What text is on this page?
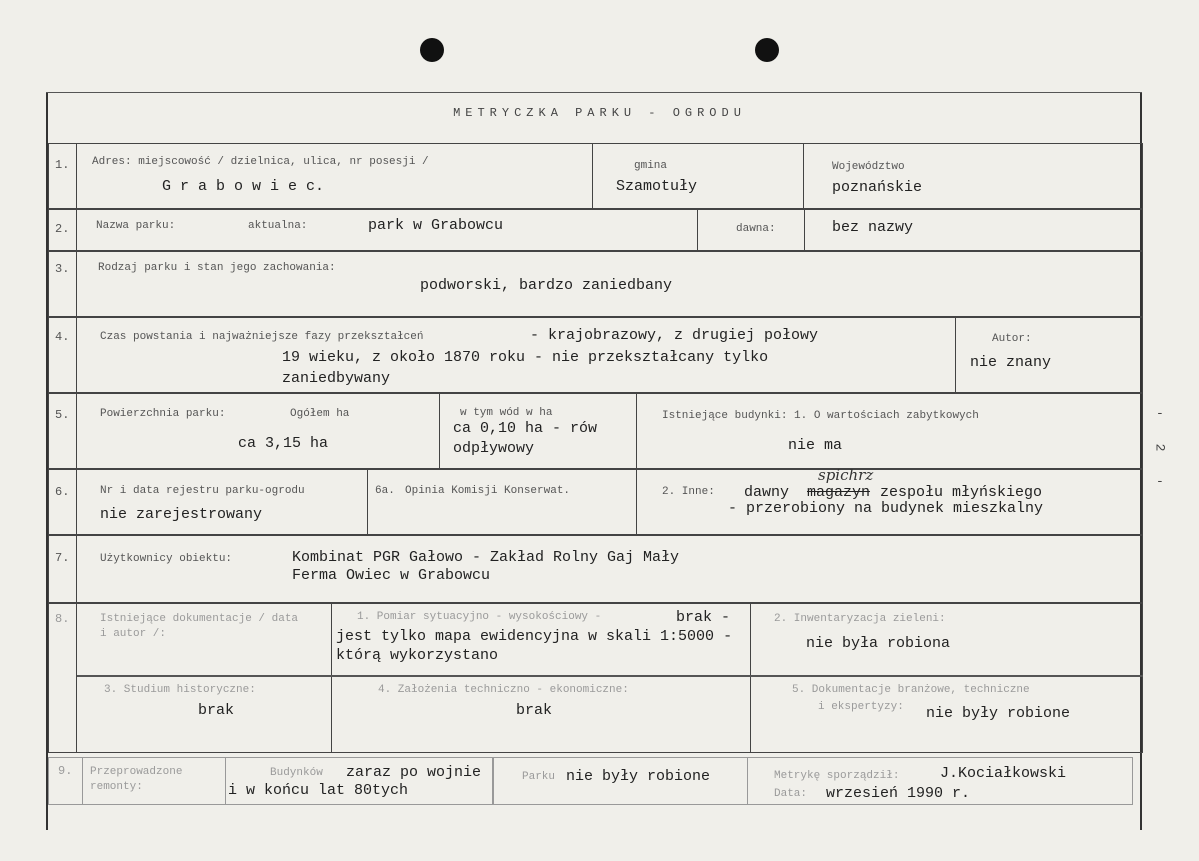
METRYCZKA PARKU - OGRODU
1. Adres: miejscowość / dzielnica, ulica, nr posesji /
G r a b o w i e c.
gmina
Szamotuły
Województwo
poznańskie
2. Nazwa parku:	aktualna:	park w Grabowcu	dawna:	bez nazwy
3.	Rodzaj parku i stan jego zachowania:
podworski, bardzo zaniedbany
4.	Czas powstania i najważniejsze fazy przekształceń	- krajobrazowy, z drugiej połowy
19 wieku, z około 1870 roku - nie przekształcany tylko
zaniedbywany
Autor:
nie znany
5.	Powierzchnia parku:	Ogółem ha
ca 3,15 ha
w tym wód w ha
ca 0,10 ha - rów odpływowy
Istniejące budynki: 1. O wartościach zabytkowych
nie ma
6.	Nr i data rejestru parku-ogrodu
nie zarejestrowany
6a. Opinia Komisji Konserwat.	2. Inne:
spichrz
dawny magazyn zespołu młyńskiego
- przerobiony na budynek mieszkalny
7.	Użytkownicy obiektu:	Kombinat PGR Gałowo - Zakład Rolny Gaj Mały
Ferma Owiec w Grabowcu
8.	Istniejące dokumentacje / data i autor /:
1. Pomiar sytuacyjno - wysokościowy -	brak - jest tylko mapa ewidencyjna w skali 1:5000 - którą wykorzystano
2. Inwentaryzacja zieleni:
nie była robiona
3. Studium historyczne:
brak
4. Założenia techniczno - ekonomiczne:
brak
5. Dokumentacje branżowe, techniczne
i ekspertyzy: nie były robione
9. Przeprowadzone remonty:
Budynków zaraz po wojnie
i w końcu lat 80tych
Parku nie były robione	Metrykę sporządził:	J.Kociałkowski
Data: wrzesień 1990 r.
-
2
-
